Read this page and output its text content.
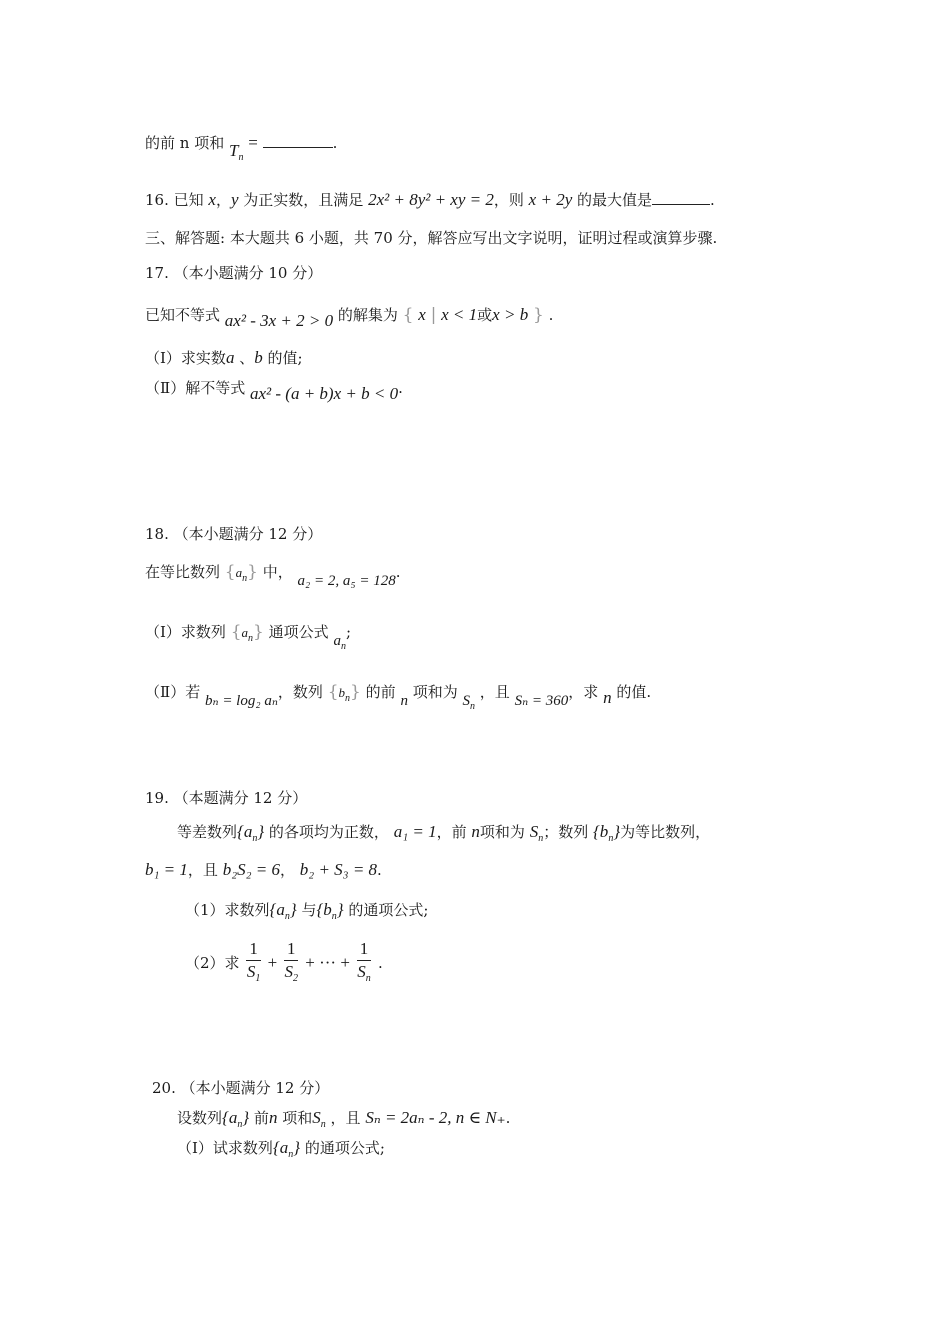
的前 n 项和 $T_n$ =	.
16. 已知 x，y 为正实数，且满足 2x² + 8y² + xy = 2，则 x + 2y 的最大值是	.
三、解答题: 本大题共 6 小题，共 70 分，解答应写出文字说明，证明过程或演算步骤.
17. （本小题满分 10 分）
已知不等式 ax² - 3x + 2 > 0 的解集为 { x | x < 1或x > b } .
（Ⅰ）求实数a 、b 的值;
（Ⅱ）解不等式 ax² - (a + b)x + b < 0.
18. （本小题满分 12 分）
在等比数列 $\{a_n\}$ 中， a₂ = 2, a₅ = 128.
（Ⅰ）求数列 $\{a_n\}$ 通项公式 $a_n$;
（Ⅱ）若 bₙ = log₂ aₙ，数列 $\{b_n\}$ 的前 n 项和为 $S_n$ ，且 Sₙ = 360，求 n 的值.
19. （本题满分 12 分）
等差数列$\{a_n\}$ 的各项均为正数， a₁ = 1，前 n项和为 $S_n$；数列 $\{b_n\}$为等比数列，
b₁ = 1，且 b₂S₂ = 6， b₂ + S₃ = 8.
（1）求数列$\{a_n\}$ 与$\{b_n\}$ 的通项公式;
（2）求 $\frac{1}{S_1} + \frac{1}{S_2}$ + ··· + $\frac{1}{S_n}$ .
20. （本小题满分 12 分）
设数列$\{a_n\}$ 前n 项和$S_n$ ，且 Sₙ = 2aₙ - 2, n ∈ N₊.
（Ⅰ）试求数列$\{a_n\}$ 的通项公式;
